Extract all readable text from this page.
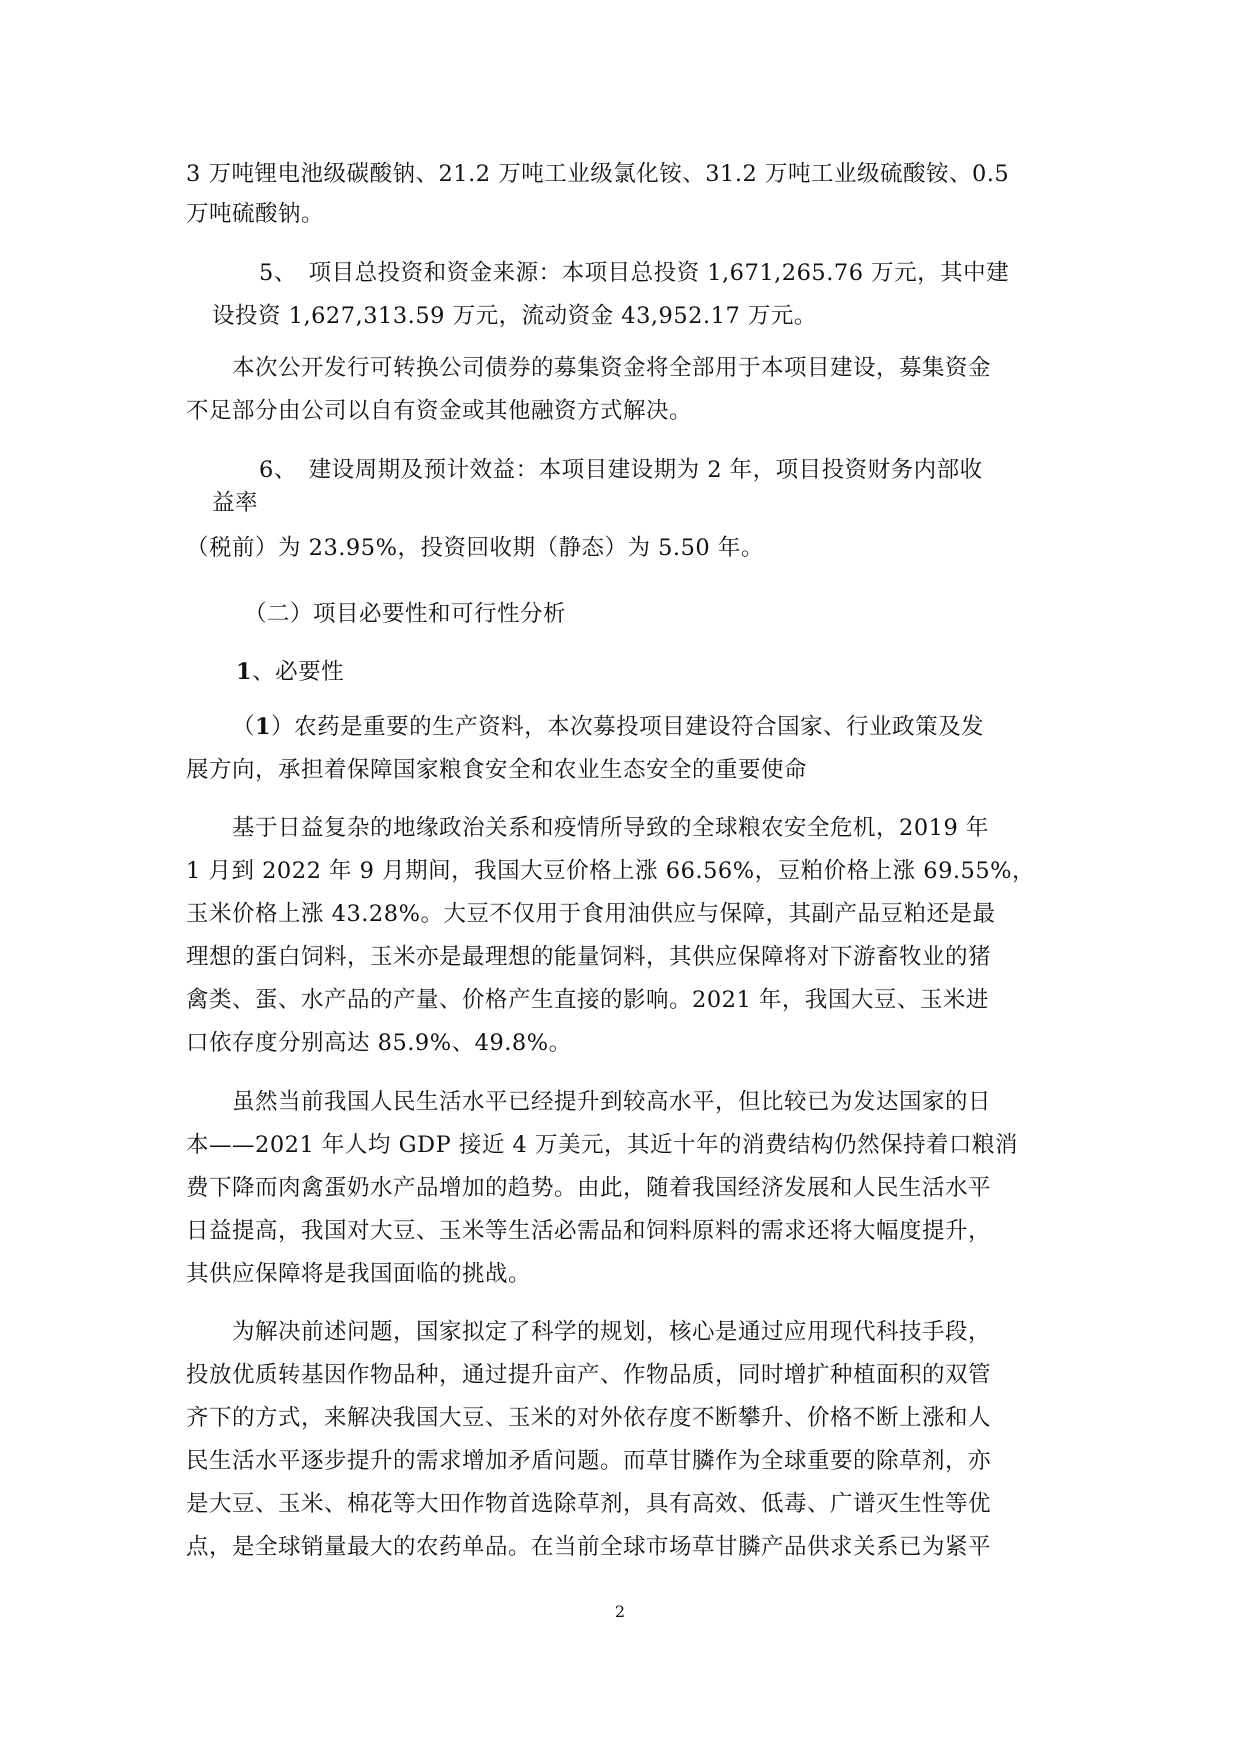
3 万吨锂电池级碳酸钠、21.2 万吨工业级氯化铵、31.2 万吨工业级硫酸铵、0.5

万吨硫酸钠。

5、　项目总投资和资金来源：本项目总投资 1,671,265.76 万元，其中建

设投资 1,627,313.59 万元，流动资金 43,952.17 万元。

本次公开发行可转换公司债券的募集资金将全部用于本项目建设，募集资金

不足部分由公司以自有资金或其他融资方式解决。

6、　建设周期及预计效益：本项目建设期为 2 年，项目投资财务内部收

益率

（税前）为 23.95%，投资回收期（静态）为 5.50 年。

（二）项目必要性和可行性分析

1、必要性

（1）农药是重要的生产资料，本次募投项目建设符合国家、行业政策及发

展方向，承担着保障国家粮食安全和农业生态安全的重要使命

基于日益复杂的地缘政治关系和疫情所导致的全球粮农安全危机，2019 年

1 月到 2022 年 9 月期间，我国大豆价格上涨 66.56%，豆粕价格上涨 69.55%，

玉米价格上涨 43.28%。大豆不仅用于食用油供应与保障，其副产品豆粕还是最

理想的蛋白饲料，玉米亦是最理想的能量饲料，其供应保障将对下游畜牧业的猪

禽类、蛋、水产品的产量、价格产生直接的影响。2021 年，我国大豆、玉米进

口依存度分别高达 85.9%、49.8%。

虽然当前我国人民生活水平已经提升到较高水平，但比较已为发达国家的日

本——2021 年人均 GDP 接近 4 万美元，其近十年的消费结构仍然保持着口粮消

费下降而肉禽蛋奶水产品增加的趋势。由此，随着我国经济发展和人民生活水平

日益提高，我国对大豆、玉米等生活必需品和饲料原料的需求还将大幅度提升，

其供应保障将是我国面临的挑战。

为解决前述问题，国家拟定了科学的规划，核心是通过应用现代科技手段，

投放优质转基因作物品种，通过提升亩产、作物品质，同时增扩种植面积的双管

齐下的方式，来解决我国大豆、玉米的对外依存度不断攀升、价格不断上涨和人

民生活水平逐步提升的需求增加矛盾问题。而草甘膦作为全球重要的除草剂，亦

是大豆、玉米、棉花等大田作物首选除草剂，具有高效、低毒、广谱灭生性等优

点，是全球销量最大的农药单品。在当前全球市场草甘膦产品供求关系已为紧平

2
